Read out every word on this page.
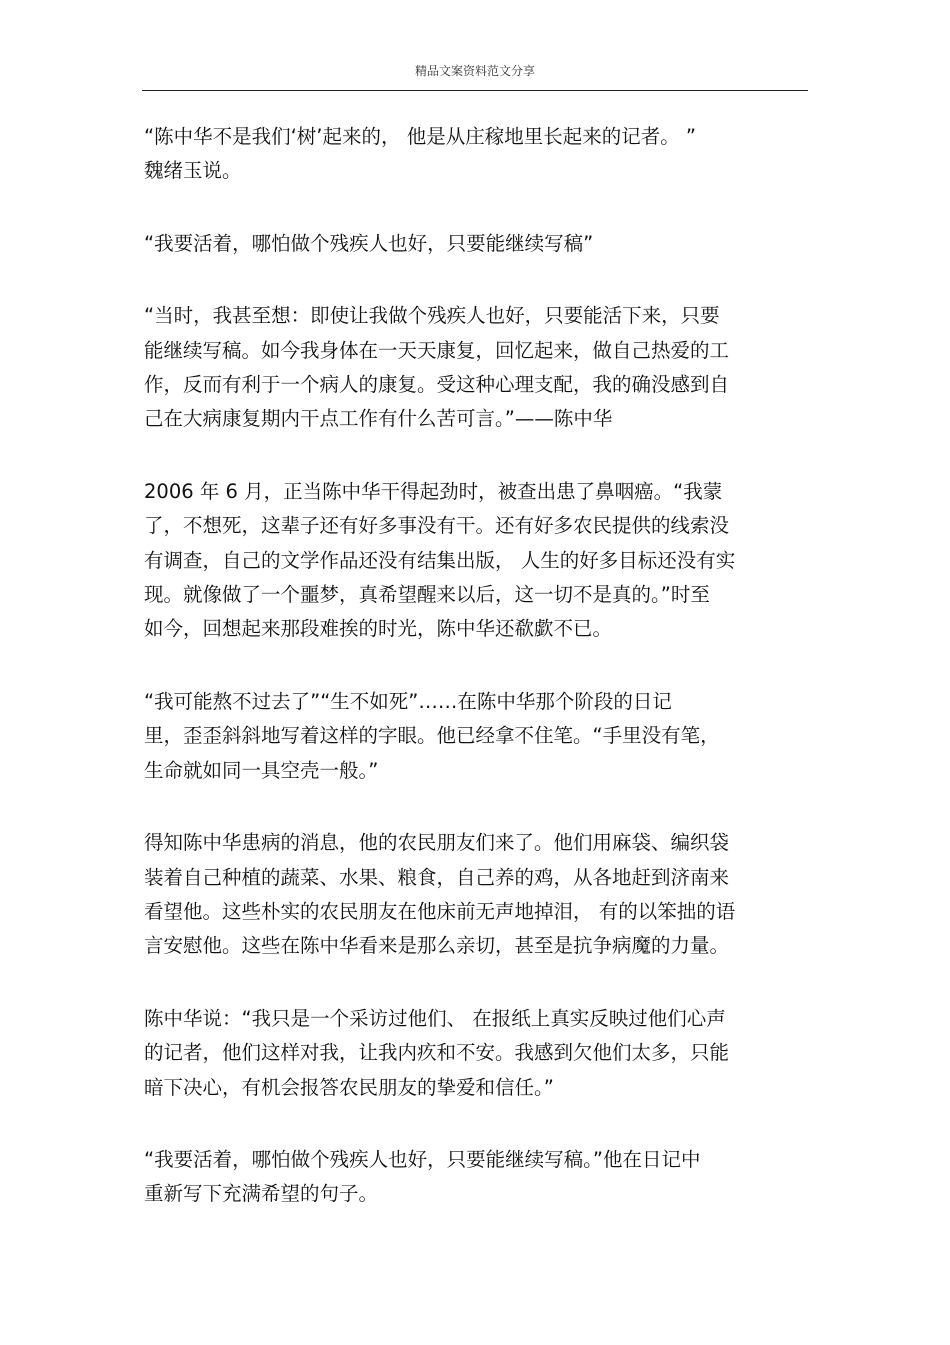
精品文案资料范文分享
“陈中华不是我们‘树’起来的， 他是从庄稼地里长起来的记者。 ”
魏绪玉说。
“我要活着，哪怕做个残疾人也好，只要能继续写稿”
“当时，我甚至想：即使让我做个残疾人也好，只要能活下来，只要
能继续写稿。如今我身体在一天天康复，回忆起来，做自己热爱的工
作，反而有利于一个病人的康复。受这种心理支配，我的确没感到自
己在大病康复期内干点工作有什么苦可言。”——陈中华
2006 年 6 月，正当陈中华干得起劲时，被查出患了鼻咽癌。“我蒙
了，不想死，这辈子还有好多事没有干。还有好多农民提供的线索没
有调查，自己的文学作品还没有结集出版， 人生的好多目标还没有实
现。就像做了一个噩梦，真希望醒来以后，这一切不是真的。”时至
如今，回想起来那段难挨的时光，陈中华还欷歔不已。
“我可能熬不过去了”“生不如死”……在陈中华那个阶段的日记
里，歪歪斜斜地写着这样的字眼。他已经拿不住笔。“手里没有笔，
生命就如同一具空壳一般。”
得知陈中华患病的消息，他的农民朋友们来了。他们用麻袋、编织袋
装着自己种植的蔬菜、水果、粮食，自己养的鸡，从各地赶到济南来
看望他。这些朴实的农民朋友在他床前无声地掉泪， 有的以笨拙的语
言安慰他。这些在陈中华看来是那么亲切，甚至是抗争病魔的力量。
陈中华说：“我只是一个采访过他们、 在报纸上真实反映过他们心声
的记者，他们这样对我，让我内疚和不安。我感到欠他们太多，只能
暗下决心，有机会报答农民朋友的挚爱和信任。”
“我要活着，哪怕做个残疾人也好，只要能继续写稿。”他在日记中
重新写下充满希望的句子。
